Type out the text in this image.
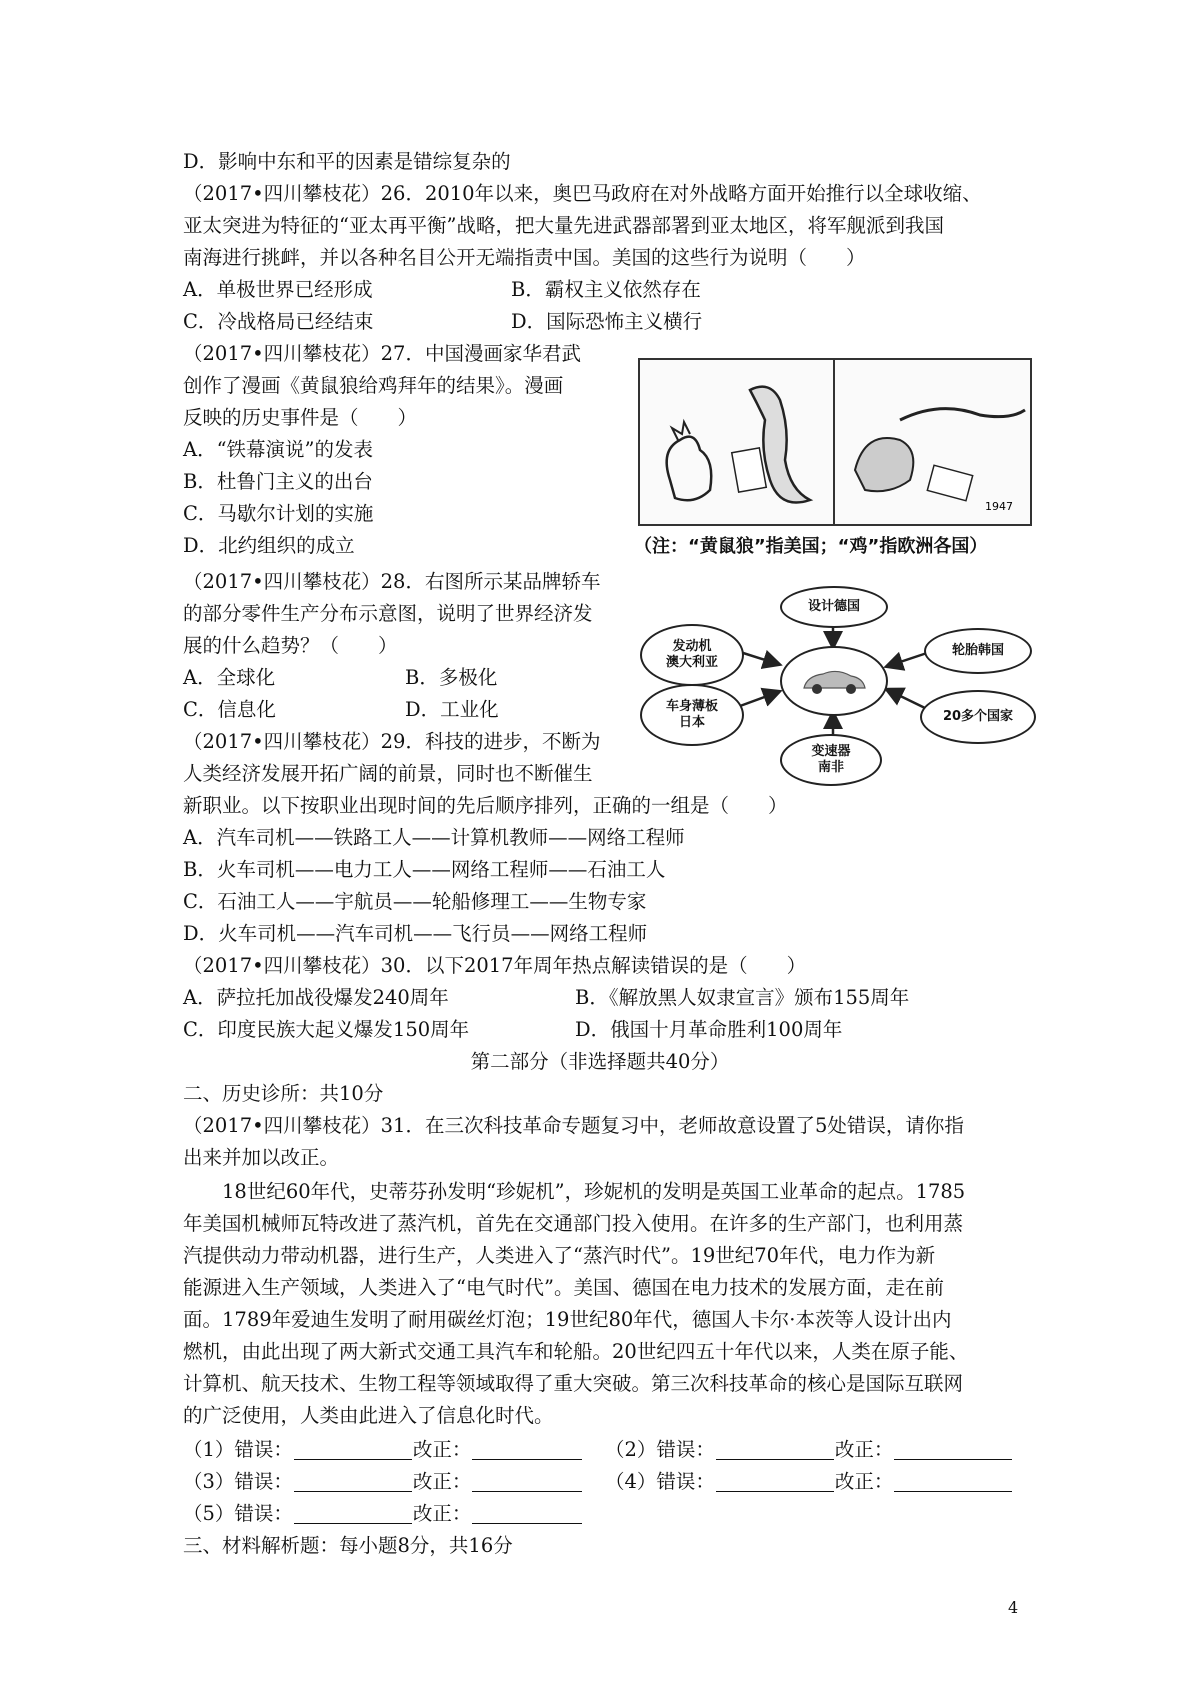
D．影响中东和平的因素是错综复杂的
（2017•四川攀枝花）26．2010年以来，奥巴马政府在对外战略方面开始推行以全球收缩、
亚太突进为特征的“亚太再平衡”战略，把大量先进武器部署到亚太地区，将军舰派到我国
南海进行挑衅，并以各种名目公开无端指责中国。美国的这些行为说明（　　）
A．单极世界已经形成	B．霸权主义依然存在
C．冷战格局已经结束	D．国际恐怖主义横行
（2017•四川攀枝花）27．中国漫画家华君武
创作了漫画《黄鼠狼给鸡拜年的结果》。漫画
反映的历史事件是（　　）
A．“铁幕演说”的发表
B．杜鲁门主义的出台
C．马歇尔计划的实施
D．北约组织的成立
1947
（注：“黄鼠狼”指美国；“鸡”指欧洲各国）
（2017•四川攀枝花）28．右图所示某品牌轿车
的部分零件生产分布示意图，说明了世界经济发
展的什么趋势？（　　）
A．全球化	B．多极化
C．信息化	D．工业化
设计德国
发动机
澳大利亚
车身薄板
日本
变速器
南非
轮胎韩国
20多个国家
（2017•四川攀枝花）29．科技的进步，不断为
人类经济发展开拓广阔的前景，同时也不断催生
新职业。以下按职业出现时间的先后顺序排列，正确的一组是（　　）
A．汽车司机——铁路工人——计算机教师——网络工程师
B．火车司机——电力工人——网络工程师——石油工人
C．石油工人——宇航员——轮船修理工——生物专家
D．火车司机——汽车司机——飞行员——网络工程师
（2017•四川攀枝花）30．以下2017年周年热点解读错误的是（　　）
A．萨拉托加战役爆发240周年	B．《解放黑人奴隶宣言》颁布155周年
C．印度民族大起义爆发150周年	D．俄国十月革命胜利100周年
第二部分（非选择题共40分）
二、历史诊所：共10分
（2017•四川攀枝花）31．在三次科技革命专题复习中，老师故意设置了5处错误，请你指
出来并加以改正。
18世纪60年代，史蒂芬孙发明“珍妮机”，珍妮机的发明是英国工业革命的起点。1785
年美国机械师瓦特改进了蒸汽机，首先在交通部门投入使用。在许多的生产部门，也利用蒸
汽提供动力带动机器，进行生产，人类进入了“蒸汽时代”。19世纪70年代，电力作为新
能源进入生产领域，人类进入了“电气时代”。美国、德国在电力技术的发展方面，走在前
面。1789年爱迪生发明了耐用碳丝灯泡；19世纪80年代，德国人卡尔·本茨等人设计出内
燃机，由此出现了两大新式交通工具汽车和轮船。20世纪四五十年代以来，人类在原子能、
计算机、航天技术、生物工程等领域取得了重大突破。第三次科技革命的核心是国际互联网
的广泛使用，人类由此进入了信息化时代。
（1）错误：	改正：	（2）错误：	改正：
（3）错误：	改正：	（4）错误：	改正：
（5）错误：	改正：
三、材料解析题：每小题8分，共16分
4
